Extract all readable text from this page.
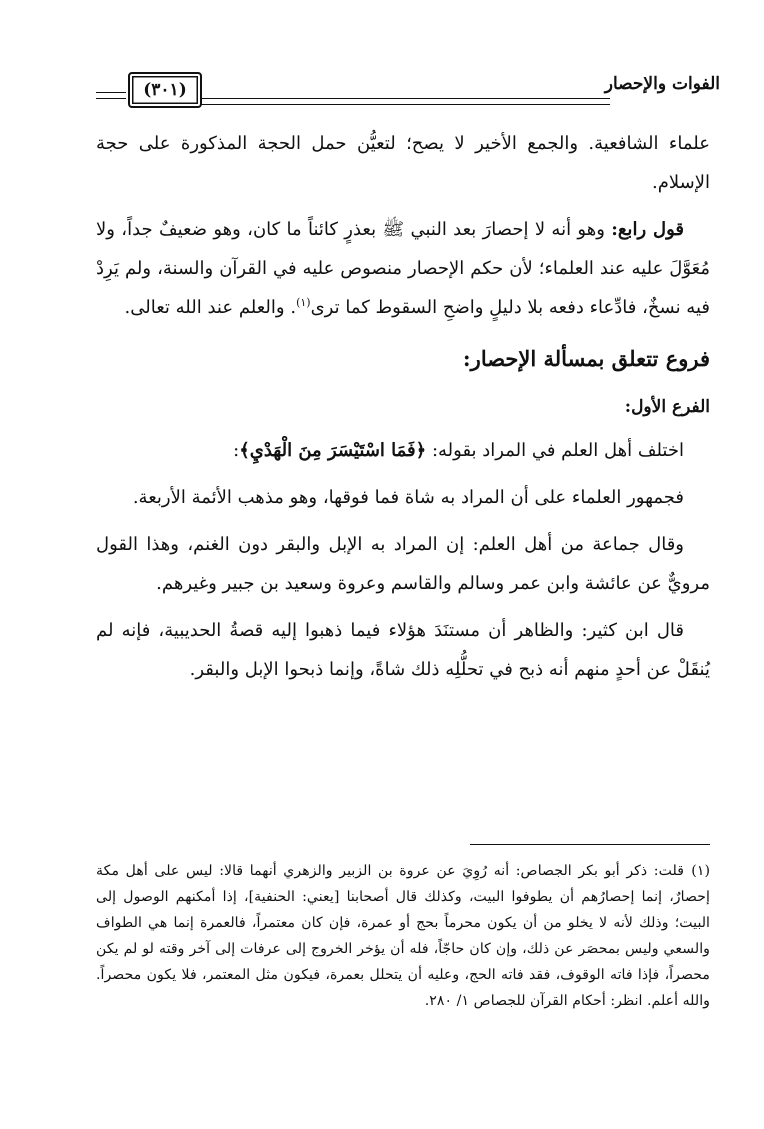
(٣٠١)	الفوات والإحصار

علماء الشافعية. والجمع الأخير لا يصح؛ لتعيُّن حمل الحجة المذكورة على حجة الإسلام.

قول رابع: وهو أنه لا إحصارَ بعد النبي ﷺ بعذرٍ كائناً ما كان، وهو ضعيفٌ جداً، ولا مُعَوَّلَ عليه عند العلماء؛ لأن حكم الإحصار منصوص عليه في القرآن والسنة، ولم يَرِدْ فيه نسخٌ، فادِّعاء دفعه بلا دليلٍ واضحِ السقوط كما ترى$^{(١)}$. والعلم عند الله تعالى.

فروع تتعلق بمسألة الإحصار:
الفرع الأول:

اختلف أهل العلم في المراد بقوله: ﴿فَمَا اسْتَيْسَرَ مِنَ الْهَدْيِ﴾:

فجمهور العلماء على أن المراد به شاة فما فوقها، وهو مذهب الأئمة الأربعة.

وقال جماعة من أهل العلم: إن المراد به الإبل والبقر دون الغنم، وهذا القول مرويٌّ عن عائشة وابن عمر وسالم والقاسم وعروة وسعيد بن جبير وغيرهم.

قال ابن كثير: والظاهر أن مستنَدَ هؤلاء فيما ذهبوا إليه قصةُ الحديبية، فإنه لم يُنقَلْ عن أحدٍ منهم أنه ذبح في تحلُّلِه ذلك شاةً، وإنما ذبحوا الإبل والبقر.

(١)قلت: ذكر أبو بكر الجصاص: أنه رُوِيَ عن عروة بن الزبير والزهري أنهما قالا: ليس على أهل مكة إحصارٌ، إنما إحصارُهم أن يطوفوا البيت، وكذلك قال أصحابنا [يعني: الحنفية]، إذا أمكنهم الوصول إلى البيت؛ وذلك لأنه لا يخلو من أن يكون محرماً بحج أو عمرة، فإن كان معتمراً، فالعمرة إنما هي الطواف والسعي وليس بمحصَر عن ذلك، وإن كان حاجّاً، فله أن يؤخر الخروج إلى عرفات إلى آخر وقته لو لم يكن محصراً، فإذا فاته الوقوف، فقد فاته الحج، وعليه أن يتحلل بعمرة، فيكون مثل المعتمر، فلا يكون محصراً. والله أعلم. انظر: أحكام القرآن للجصاص ١/ ٢٨٠.
